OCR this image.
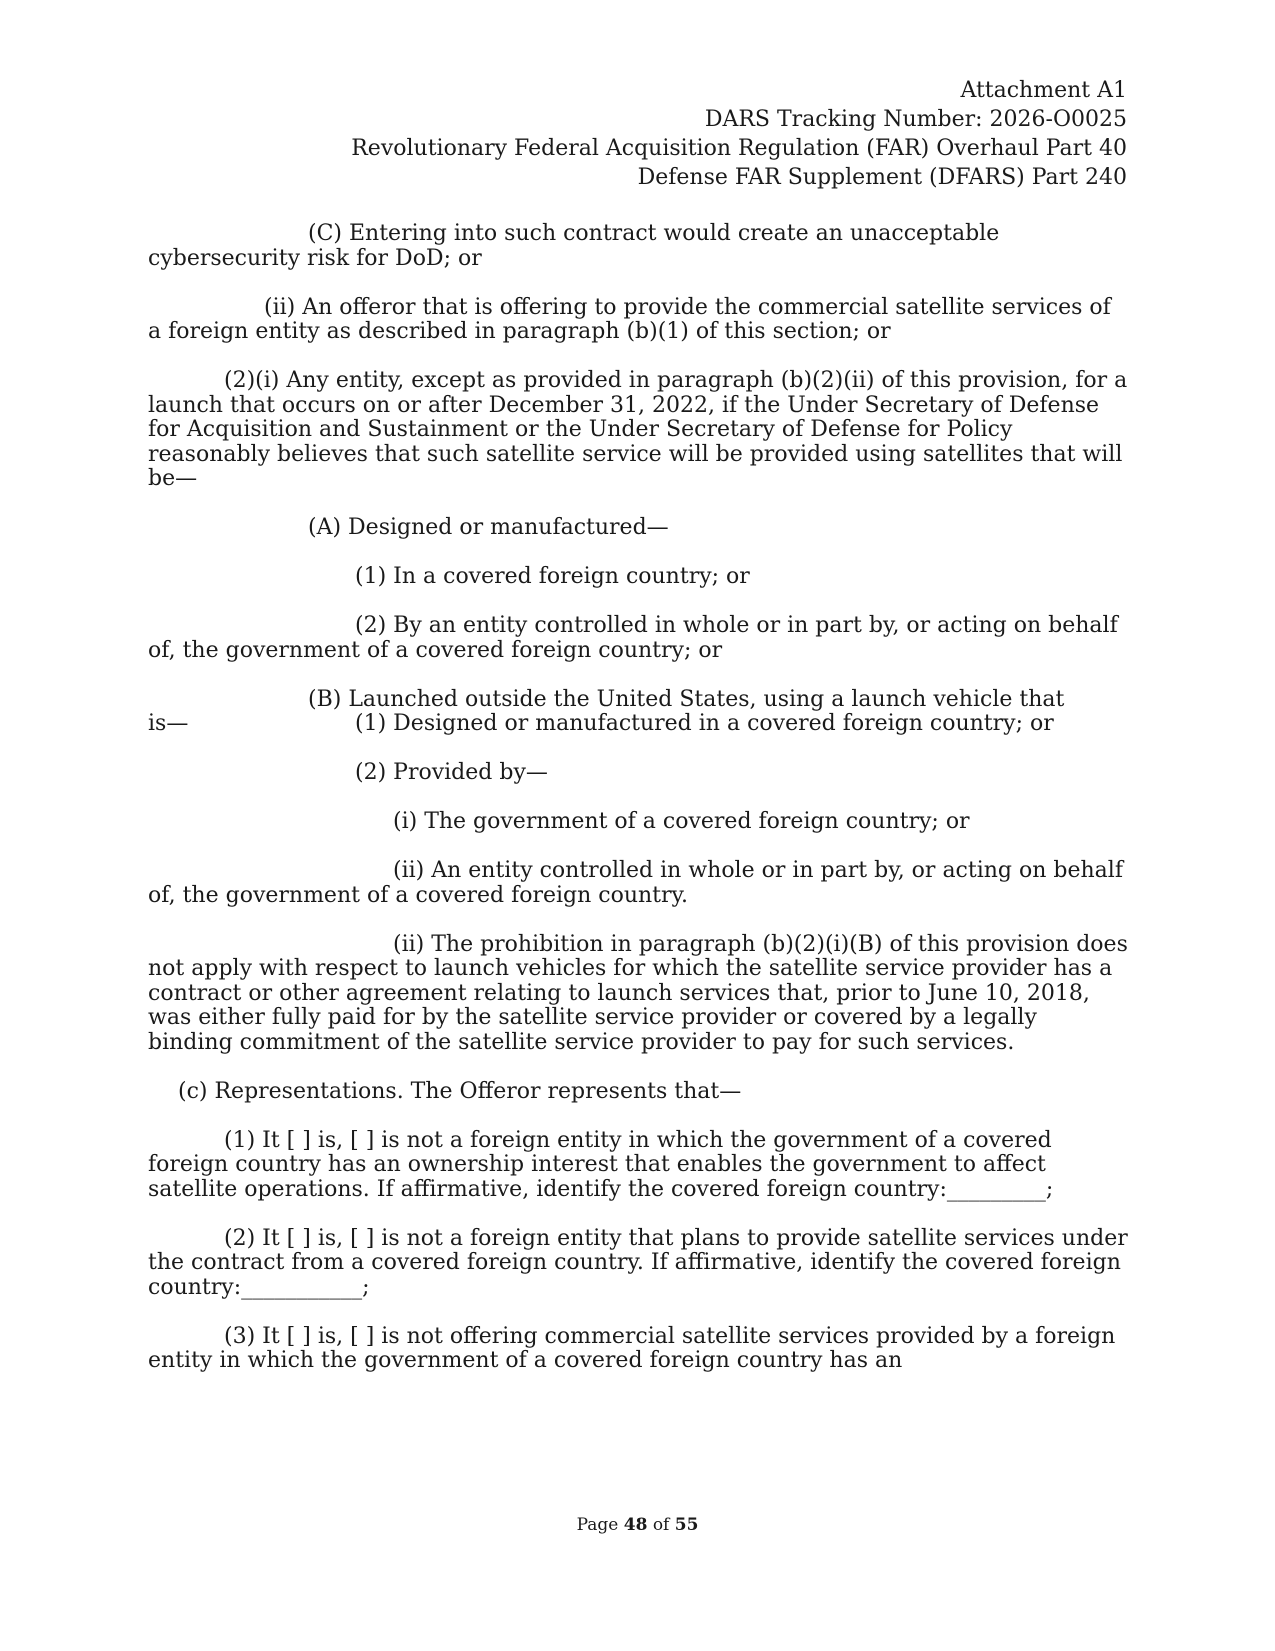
Attachment A1
DARS Tracking Number: 2026-O0025
Revolutionary Federal Acquisition Regulation (FAR) Overhaul Part 40
Defense FAR Supplement (DFARS) Part 240

(C) Entering into such contract would create an unacceptable cybersecurity risk for DoD; or

(ii) An offeror that is offering to provide the commercial satellite services of a foreign entity as described in paragraph (b)(1) of this section; or

(2)(i) Any entity, except as provided in paragraph (b)(2)(ii) of this provision, for a launch that occurs on or after December 31, 2022, if the Under Secretary of Defense for Acquisition and Sustainment or the Under Secretary of Defense for Policy reasonably believes that such satellite service will be provided using satellites that will be—

(A) Designed or manufactured—

(1) In a covered foreign country; or

(2) By an entity controlled in whole or in part by, or acting on behalf of, the government of a covered foreign country; or

(B) Launched outside the United States, using a launch vehicle that

is—	(1) Designed or manufactured in a covered foreign country; or

(2) Provided by—

(i) The government of a covered foreign country; or

(ii) An entity controlled in whole or in part by, or acting on behalf of, the government of a covered foreign country.

(ii) The prohibition in paragraph (b)(2)(i)(B) of this provision does not apply with respect to launch vehicles for which the satellite service provider has a contract or other agreement relating to launch services that, prior to June 10, 2018, was either fully paid for by the satellite service provider or covered by a legally binding commitment of the satellite service provider to pay for such services.

(c) Representations. The Offeror represents that—

(1) It [ ] is, [ ] is not a foreign entity in which the government of a covered foreign country has an ownership interest that enables the government to affect satellite operations. If affirmative, identify the covered foreign country:_________;

(2) It [ ] is, [ ] is not a foreign entity that plans to provide satellite services under the contract from a covered foreign country. If affirmative, identify the covered foreign country:___________;

(3) It [ ] is, [ ] is not offering commercial satellite services provided by a foreign entity in which the government of a covered foreign country has an

Page 48 of 55
